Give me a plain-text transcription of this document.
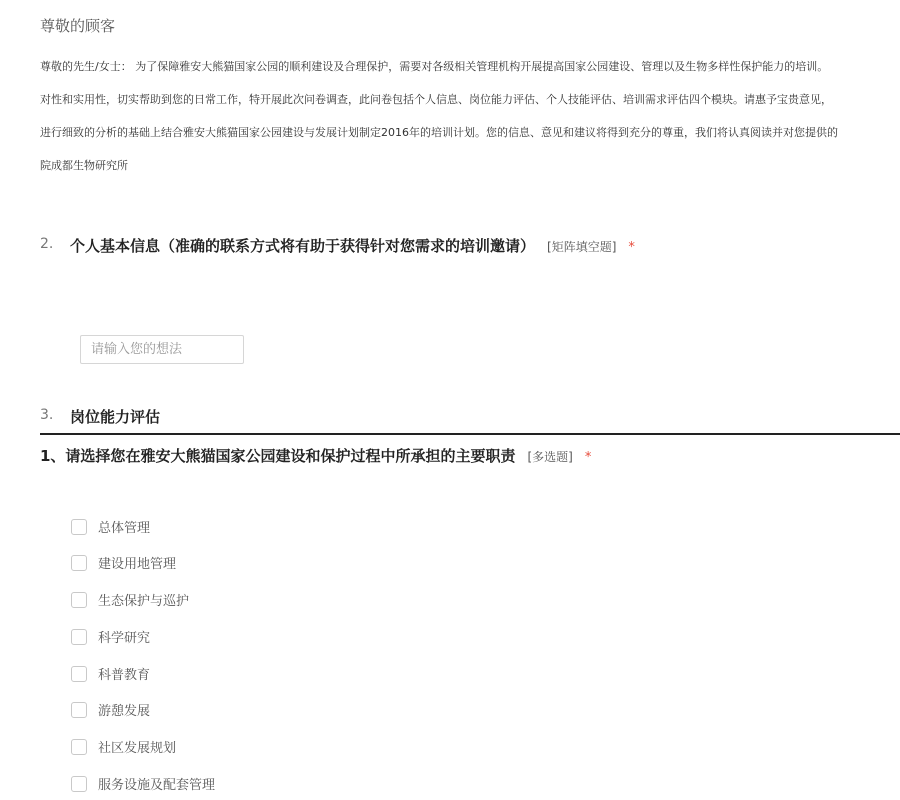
尊敬的顾客
尊敬的先生/女士： 为了保障雅安大熊猫国家公园的顺利建设及合理保护，需要对各级相关管理机构开展提高国家公园建设、管理以及生物多样性保护能力的培训。
对性和实用性，切实帮助到您的日常工作，特开展此次问卷调查，此问卷包括个人信息、岗位能力评估、个人技能评估、培训需求评估四个模块。请惠予宝贵意见，
进行细致的分析的基础上结合雅安大熊猫国家公园建设与发展计划制定2016年的培训计划。您的信息、意见和建议将得到充分的尊重，我们将认真阅读并对您提供的
院成都生物研究所
2. 个人基本信息（准确的联系方式将有助于获得针对您需求的培训邀请） [矩阵填空题] *
请输入您的想法
3. 岗位能力评估
1、请选择您在雅安大熊猫国家公园建设和保护过程中所承担的主要职责 [多选题] *
总体管理
建设用地管理
生态保护与巡护
科学研究
科普教育
游憩发展
社区发展规划
服务设施及配套管理
